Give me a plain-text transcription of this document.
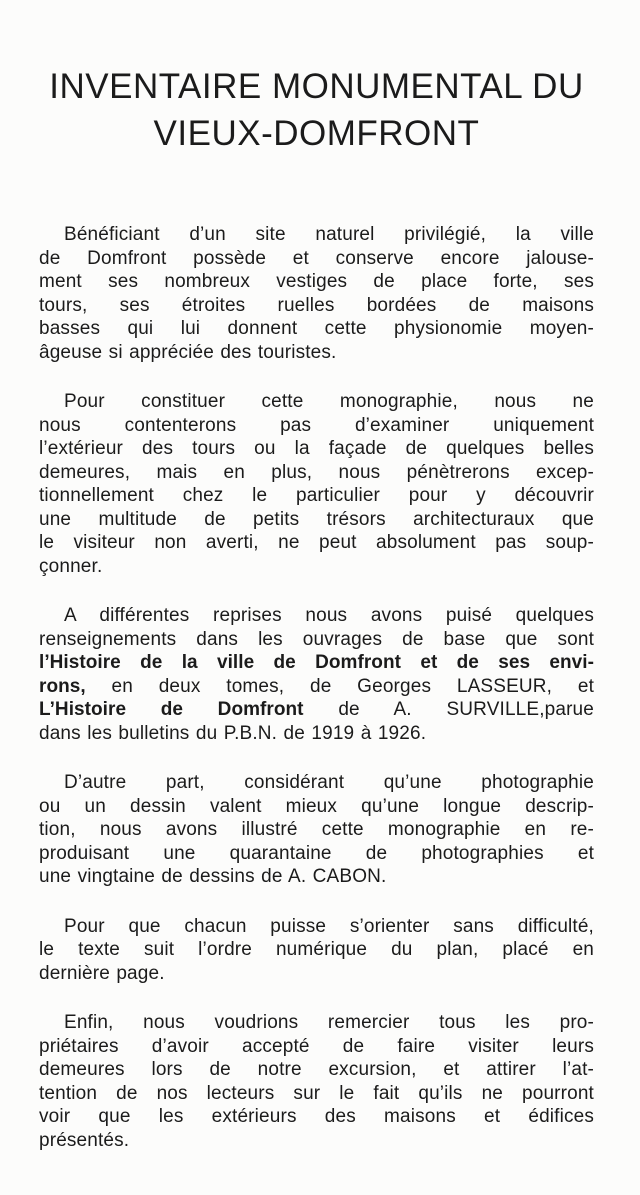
INVENTAIRE MONUMENTAL DU
VIEUX-DOMFRONT

Bénéficiant d’un site naturel privilégié, la ville
de Domfront possède et conserve encore jalouse-
ment ses nombreux vestiges de place forte, ses
tours, ses étroites ruelles bordées de maisons
basses qui lui donnent cette physionomie moyen-
âgeuse si appréciée des touristes.

Pour constituer cette monographie, nous ne
nous contenterons pas d’examiner uniquement
l’extérieur des tours ou la façade de quelques belles
demeures, mais en plus, nous pénètrerons excep-
tionnellement chez le particulier pour y découvrir
une multitude de petits trésors architecturaux que
le visiteur non averti, ne peut absolument pas soup-
çonner.

A différentes reprises nous avons puisé quelques
renseignements dans les ouvrages de base que sont
l’Histoire de la ville de Domfront et de ses envi-
rons, en deux tomes, de Georges LASSEUR, et
L’Histoire de Domfront de A. SURVILLE,parue
dans les bulletins du P.B.N. de 1919 à 1926.

D’autre part, considérant qu’une photographie
ou un dessin valent mieux qu’une longue descrip-
tion, nous avons illustré cette monographie en re-
produisant une quarantaine de photographies et
une vingtaine de dessins de A. CABON.

Pour que chacun puisse s’orienter sans difficulté,
le texte suit l’ordre numérique du plan, placé en
dernière page.

Enfin, nous voudrions remercier tous les pro-
priétaires d’avoir accepté de faire visiter leurs
demeures lors de notre excursion, et attirer l’at-
tention de nos lecteurs sur le fait qu’ils ne pourront
voir que les extérieurs des maisons et édifices
présentés.
